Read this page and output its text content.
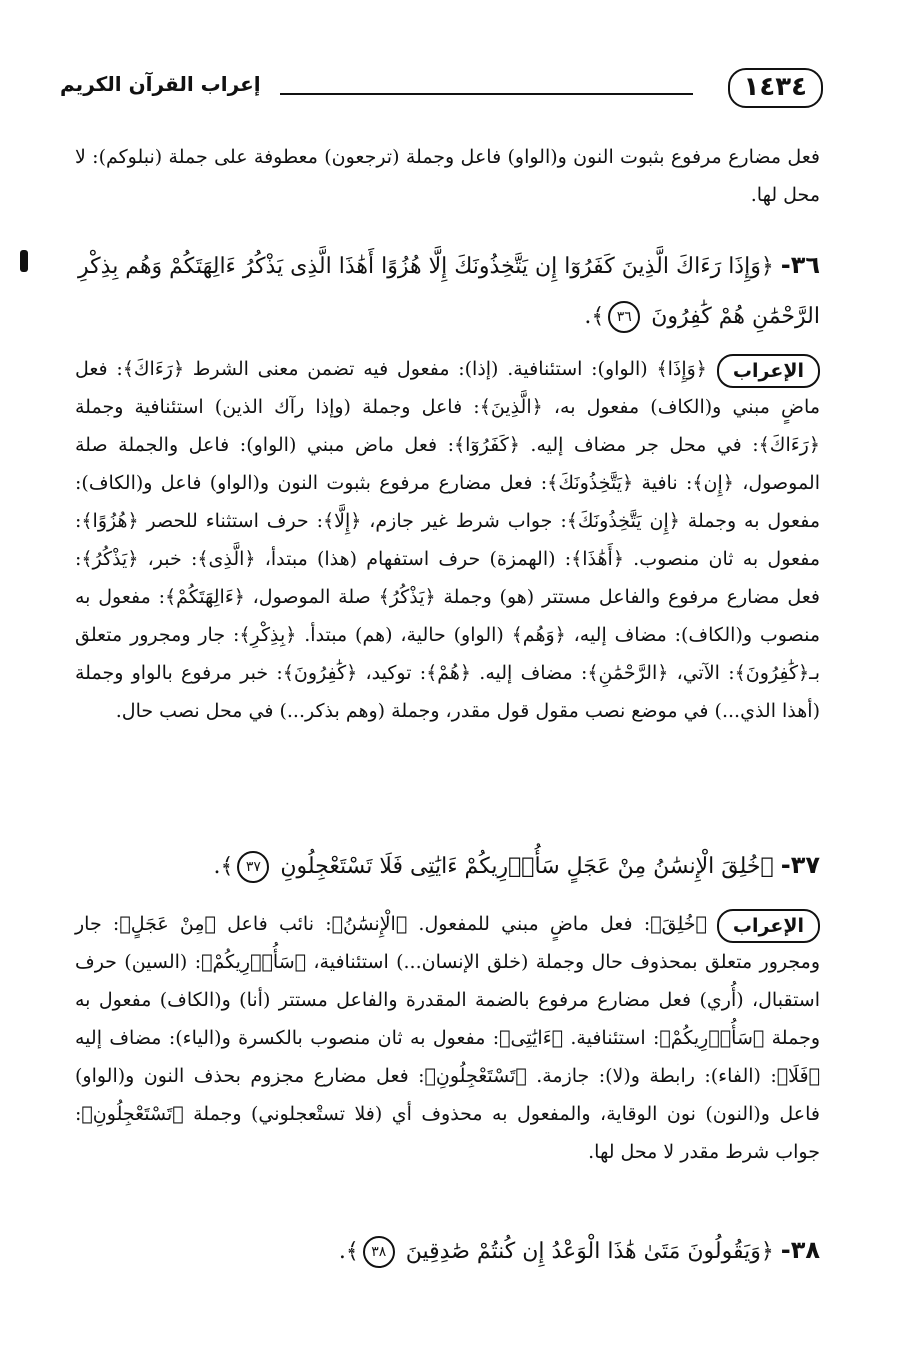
١٤٣٤
إعراب القرآن الكريم
فعل مضارع مرفوع بثبوت النون و(الواو) فاعل وجملة (ترجعون) معطوفة على جملة (نبلوكم): لا محل لها.
٣٦- ﴿وَإِذَا رَءَاكَ الَّذِينَ كَفَرُوٓا إِن يَتَّخِذُونَكَ إِلَّا هُزُوًا أَهَٰذَا الَّذِى يَذْكُرُ ءَالِهَتَكُمْ وَهُم بِذِكْرِ الرَّحْمَٰنِ هُمْ كَٰفِرُونَ ٣٦﴾.
الإعراب
﴿وَإِذَا﴾ (الواو): استئنافية. (إذا): مفعول فيه تضمن معنى الشرط ﴿رَءَاكَ﴾: فعل ماضٍ مبني و(الكاف) مفعول به، ﴿الَّذِينَ﴾: فاعل وجملة (وإذا رآك الذين) استئنافية وجملة ﴿رَءَاكَ﴾: في محل جر مضاف إليه. ﴿كَفَرُوٓا﴾: فعل ماض مبني (الواو): فاعل والجملة صلة الموصول، ﴿إِن﴾: نافية ﴿يَتَّخِذُونَكَ﴾: فعل مضارع مرفوع بثبوت النون و(الواو) فاعل و(الكاف): مفعول به وجملة ﴿إِن يَتَّخِذُونَكَ﴾: جواب شرط غير جازم، ﴿إِلَّا﴾: حرف استثناء للحصر ﴿هُزُوًا﴾: مفعول به ثان منصوب. ﴿أَهَٰذَا﴾: (الهمزة) حرف استفهام (هذا) مبتدأ، ﴿الَّذِى﴾: خبر، ﴿يَذْكُرُ﴾: فعل مضارع مرفوع والفاعل مستتر (هو) وجملة ﴿يَذْكُرُ﴾ صلة الموصول، ﴿ءَالِهَتَكُمْ﴾: مفعول به منصوب و(الكاف): مضاف إليه، ﴿وَهُم﴾ (الواو) حالية، (هم) مبتدأ. ﴿بِذِكْرِ﴾: جار ومجرور متعلق بـ﴿كَٰفِرُونَ﴾: الآتي، ﴿الرَّحْمَٰنِ﴾: مضاف إليه. ﴿هُمْ﴾: توكيد، ﴿كَٰفِرُونَ﴾: خبر مرفوع بالواو وجملة (أهذا الذي...) في موضع نصب مقول قول مقدر، وجملة (وهم بذكر...) في محل نصب حال.
٣٧- ﴿خُلِقَ الْإِنسَٰنُ مِنْ عَجَلٍ سَأُو۟رِيكُمْ ءَايَٰتِى فَلَا تَسْتَعْجِلُونِ ٣٧﴾.
الإعراب
﴿خُلِقَ﴾: فعل ماضٍ مبني للمفعول. ﴿الْإِنسَٰنُ﴾: نائب فاعل ﴿مِنْ عَجَلٍ﴾: جار ومجرور متعلق بمحذوف حال وجملة (خلق الإنسان...) استئنافية، ﴿سَأُو۟رِيكُمْ﴾: (السين) حرف استقبال، (أُري) فعل مضارع مرفوع بالضمة المقدرة والفاعل مستتر (أنا) و(الكاف) مفعول به وجملة ﴿سَأُو۟رِيكُمْ﴾: استئنافية. ﴿ءَايَٰتِى﴾: مفعول به ثان منصوب بالكسرة و(الياء): مضاف إليه ﴿فَلَا﴾: (الفاء): رابطة و(لا): جازمة. ﴿تَسْتَعْجِلُونِ﴾: فعل مضارع مجزوم بحذف النون و(الواو) فاعل و(النون) نون الوقاية، والمفعول به محذوف أي (فلا تستْعجلوني) وجملة ﴿تَسْتَعْجِلُونِ﴾: جواب شرط مقدر لا محل لها.
٣٨- ﴿وَيَقُولُونَ مَتَىٰ هَٰذَا الْوَعْدُ إِن كُنتُمْ صَٰدِقِينَ ٣٨﴾.
